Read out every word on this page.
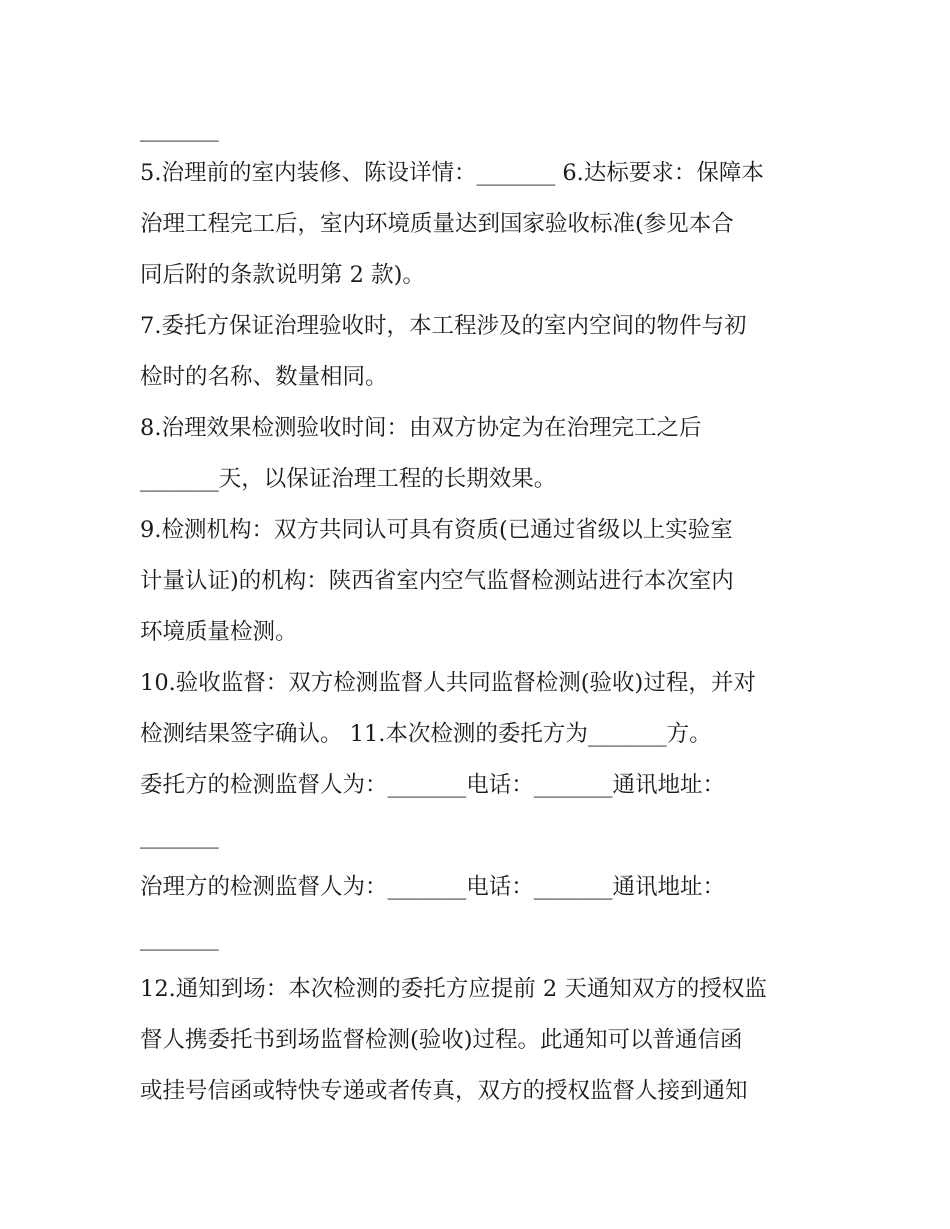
_______
5.治理前的室内装修、陈设详情：_______ 6.达标要求：保障本
治理工程完工后，室内环境质量达到国家验收标准(参见本合
同后附的条款说明第 2 款)。
7.委托方保证治理验收时，本工程涉及的室内空间的物件与初
检时的名称、数量相同。
8.治理效果检测验收时间：由双方协定为在治理完工之后
_______天，以保证治理工程的长期效果。
9.检测机构：双方共同认可具有资质(已通过省级以上实验室
计量认证)的机构：陕西省室内空气监督检测站进行本次室内
环境质量检测。
10.验收监督：双方检测监督人共同监督检测(验收)过程，并对
检测结果签字确认。 11.本次检测的委托方为_______方。
委托方的检测监督人为：_______电话：_______通讯地址：
_______
治理方的检测监督人为：_______电话：_______通讯地址：
_______
12.通知到场：本次检测的委托方应提前 2 天通知双方的授权监
督人携委托书到场监督检测(验收)过程。此通知可以普通信函
或挂号信函或特快专递或者传真，双方的授权监督人接到通知
